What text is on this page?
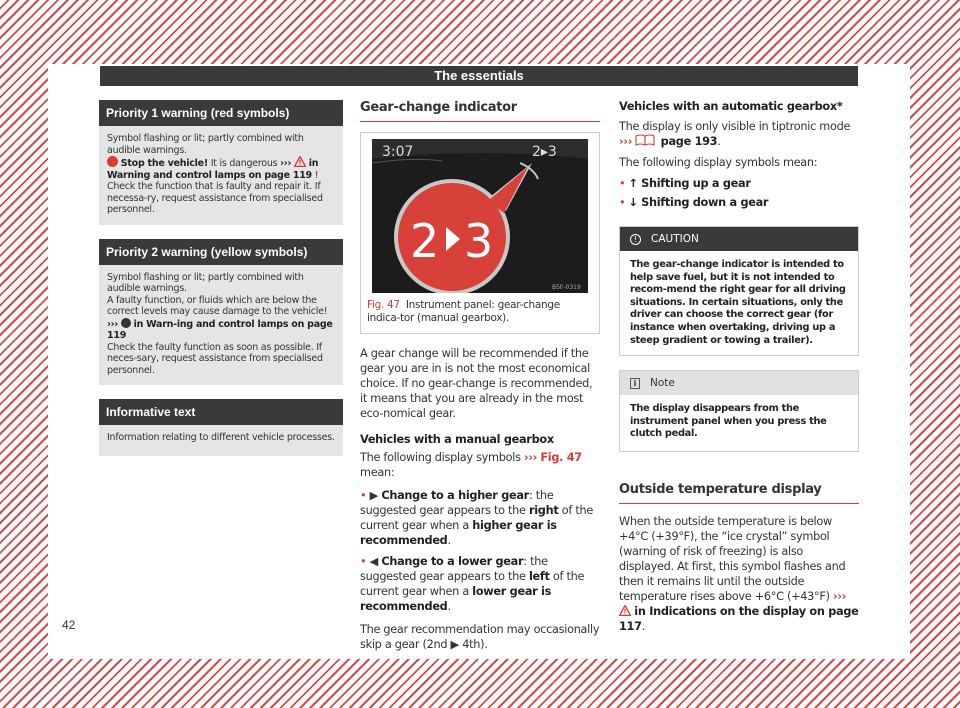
The essentials
Priority 1 warning (red symbols)
Symbol flashing or lit; partly combined with audible warnings.
Stop the vehicle! It is dangerous ›››  in Warning and control lamps on page 119 !
Check the function that is faulty and repair it. If necessa-ry, request assistance from specialised personnel.
Priority 2 warning (yellow symbols)
Symbol flashing or lit; partly combined with audible warnings.
A faulty function, or fluids which are below the correct levels may cause damage to the vehicle! ›››  in Warn-ing and control lamps on page 119
Check the faulty function as soon as possible. If neces-sary, request assistance from specialised personnel.
Informative text
Information relating to different vehicle processes.
Gear-change indicator
3:07	2▸3
2 3
B5F-0319
Fig. 47 Instrument panel: gear-change indica-tor (manual gearbox).
A gear change will be recommended if the gear you are in is not the most economical choice. If no gear-change is recommended, it means that you are already in the most eco-nomical gear.
Vehicles with a manual gearbox
The following display symbols ››› Fig. 47 mean:
• ▶ Change to a higher gear: the suggested gear appears to the right of the current gear when a higher gear is recommended.
• ◀ Change to a lower gear: the suggested gear appears to the left of the current gear when a lower gear is recommended.
The gear recommendation may occasionally skip a gear (2nd ▶ 4th).
Vehicles with an automatic gearbox*
The display is only visible in tiptronic mode ›››	page 193.
The following display symbols mean:
• ↑ Shifting up a gear
• ↓ Shifting down a gear
! CAUTION
The gear-change indicator is intended to help save fuel, but it is not intended to recom-mend the right gear for all driving situations. In certain situations, only the driver can choose the correct gear (for instance when overtaking, driving up a steep gradient or towing a trailer).
i Note
The display disappears from the instrument panel when you press the clutch pedal.
Outside temperature display
When the outside temperature is below +4°C (+39°F), the “ice crystal” symbol (warning of risk of freezing) is also displayed. At first, this symbol flashes and then it remains lit until the outside temperature rises above +6°C (+43°F) ›››  in Indications on the display on page 117.
42
